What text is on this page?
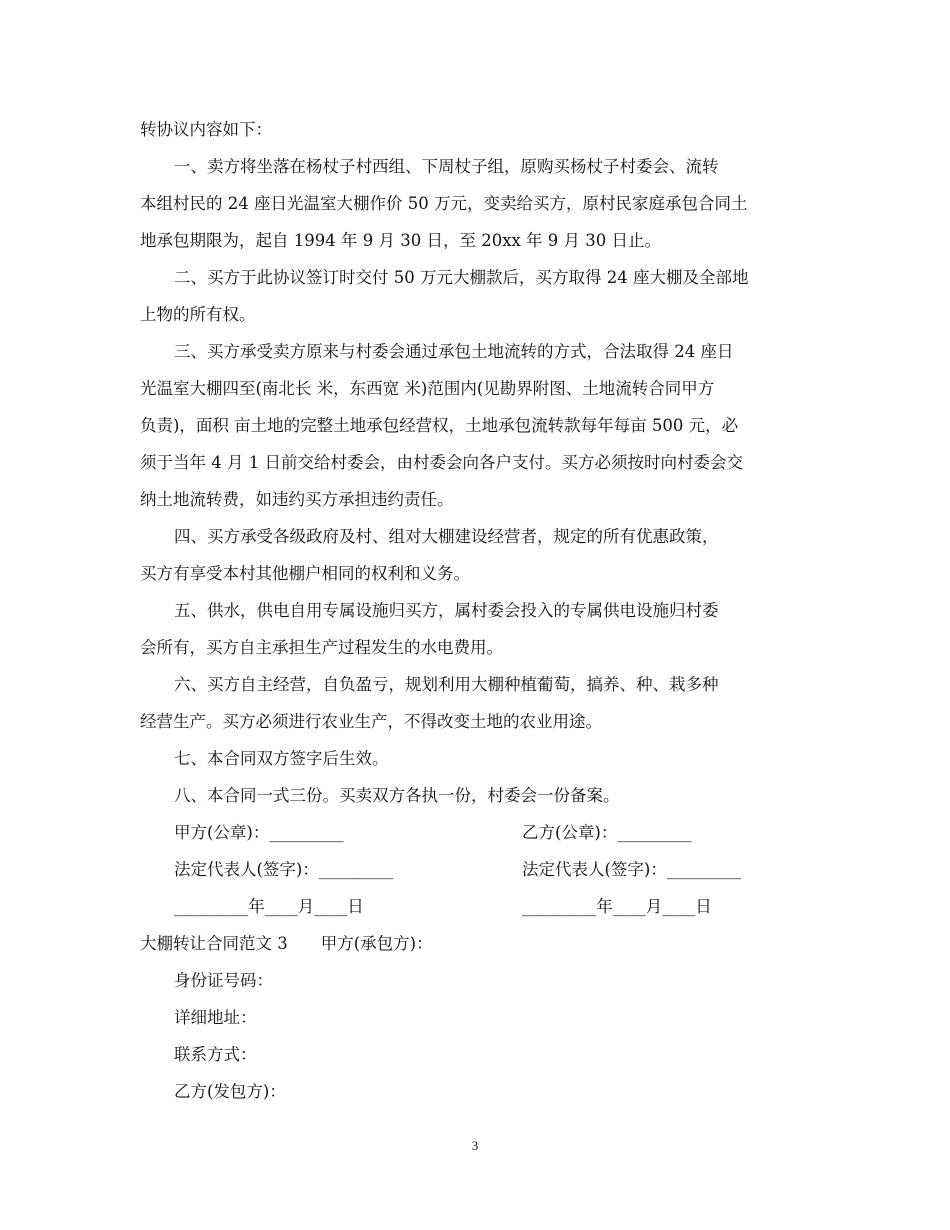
转协议内容如下：
一、卖方将坐落在杨杖子村西组、下周杖子组，原购买杨杖子村委会、流转
本组村民的 24 座日光温室大棚作价 50 万元，变卖给买方，原村民家庭承包合同土
地承包期限为，起自 1994 年 9 月 30 日，至 20xx 年 9 月 30 日止。
二、买方于此协议签订时交付 50 万元大棚款后，买方取得 24 座大棚及全部地
上物的所有权。
三、买方承受卖方原来与村委会通过承包土地流转的方式，合法取得 24 座日
光温室大棚四至(南北长 米，东西宽 米)范围内(见勘界附图、土地流转合同甲方
负责)，面积 亩土地的完整土地承包经营权，土地承包流转款每年每亩 500 元，必
须于当年 4 月 1 日前交给村委会，由村委会向各户支付。买方必须按时向村委会交
纳土地流转费，如违约买方承担违约责任。
四、买方承受各级政府及村、组对大棚建设经营者，规定的所有优惠政策，
买方有享受本村其他棚户相同的权利和义务。
五、供水，供电自用专属设施归买方，属村委会投入的专属供电设施归村委
会所有，买方自主承担生产过程发生的水电费用。
六、买方自主经营，自负盈亏，规划利用大棚种植葡萄，搞养、种、栽多种
经营生产。买方必须进行农业生产，不得改变土地的农业用途。
七、本合同双方签字后生效。
八、本合同一式三份。买卖双方各执一份，村委会一份备案。
甲方(公章)：_________	乙方(公章)：_________
法定代表人(签字)：_________	法定代表人(签字)：_________
_________年____月____日	_________年____月____日
大棚转让合同范文 3　　甲方(承包方)：
身份证号码：
详细地址：
联系方式：
乙方(发包方)：
3
